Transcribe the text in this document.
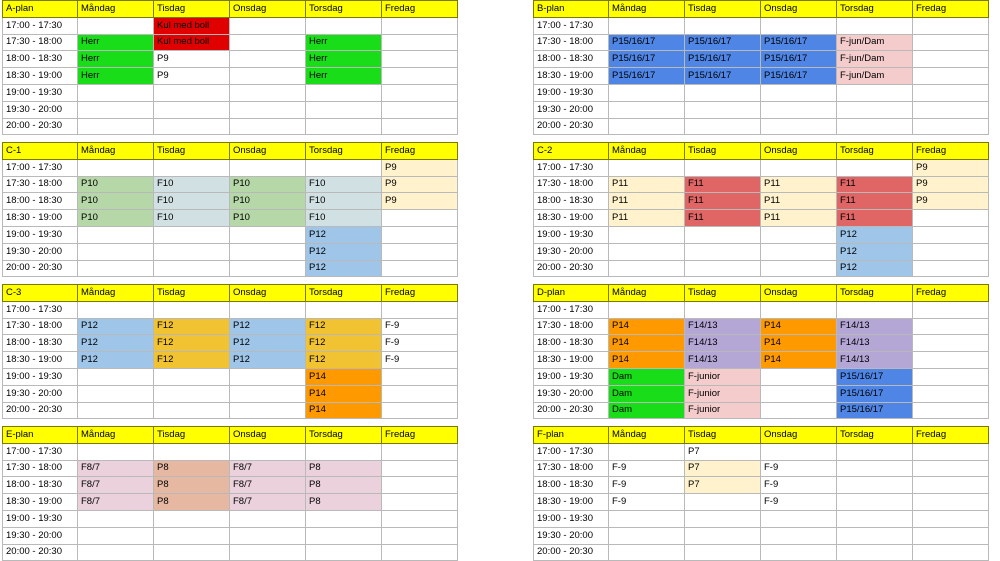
A-plan	Måndag	Tisdag	Onsdag	Torsdag	Fredag
17:00 - 17:30		Kul med boll			
17:30 - 18:00	Herr	Kul med boll		Herr	
18:00 - 18:30	Herr	P9		Herr	
18:30 - 19:00	Herr	P9		Herr	
19:00 - 19:30					
19:30 - 20:00					
20:00 - 20:30					
B-plan	Måndag	Tisdag	Onsdag	Torsdag	Fredag
17:00 - 17:30					
17:30 - 18:00	P15/16/17	P15/16/17	P15/16/17	F-jun/Dam	
18:00 - 18:30	P15/16/17	P15/16/17	P15/16/17	F-jun/Dam	
18:30 - 19:00	P15/16/17	P15/16/17	P15/16/17	F-jun/Dam	
19:00 - 19:30					
19:30 - 20:00					
20:00 - 20:30					
C-1	Måndag	Tisdag	Onsdag	Torsdag	Fredag
17:00 - 17:30					P9
17:30 - 18:00	P10	F10	P10	F10	P9
18:00 - 18:30	P10	F10	P10	F10	P9
18:30 - 19:00	P10	F10	P10	F10	
19:00 - 19:30				P12	
19:30 - 20:00				P12	
20:00 - 20:30				P12	
C-2	Måndag	Tisdag	Onsdag	Torsdag	Fredag
17:00 - 17:30					P9
17:30 - 18:00	P11	F11	P11	F11	P9
18:00 - 18:30	P11	F11	P11	F11	P9
18:30 - 19:00	P11	F11	P11	F11	
19:00 - 19:30				P12	
19:30 - 20:00				P12	
20:00 - 20:30				P12	
C-3	Måndag	Tisdag	Onsdag	Torsdag	Fredag
17:00 - 17:30					
17:30 - 18:00	P12	F12	P12	F12	F-9
18:00 - 18:30	P12	F12	P12	F12	F-9
18:30 - 19:00	P12	F12	P12	F12	F-9
19:00 - 19:30				P14	
19:30 - 20:00				P14	
20:00 - 20:30				P14	
D-plan	Måndag	Tisdag	Onsdag	Torsdag	Fredag
17:00 - 17:30					
17:30 - 18:00	P14	F14/13	P14	F14/13	
18:00 - 18:30	P14	F14/13	P14	F14/13	
18:30 - 19:00	P14	F14/13	P14	F14/13	
19:00 - 19:30	Dam	F-junior		P15/16/17	
19:30 - 20:00	Dam	F-junior		P15/16/17	
20:00 - 20:30	Dam	F-junior		P15/16/17	
E-plan	Måndag	Tisdag	Onsdag	Torsdag	Fredag
17:00 - 17:30					
17:30 - 18:00	F8/7	P8	F8/7	P8	
18:00 - 18:30	F8/7	P8	F8/7	P8	
18:30 - 19:00	F8/7	P8	F8/7	P8	
19:00 - 19:30					
19:30 - 20:00					
20:00 - 20:30					
F-plan	Måndag	Tisdag	Onsdag	Torsdag	Fredag
17:00 - 17:30		P7			
17:30 - 18:00	F-9	P7	F-9		
18:00 - 18:30	F-9	P7	F-9		
18:30 - 19:00	F-9		F-9		
19:00 - 19:30					
19:30 - 20:00					
20:00 - 20:30					
